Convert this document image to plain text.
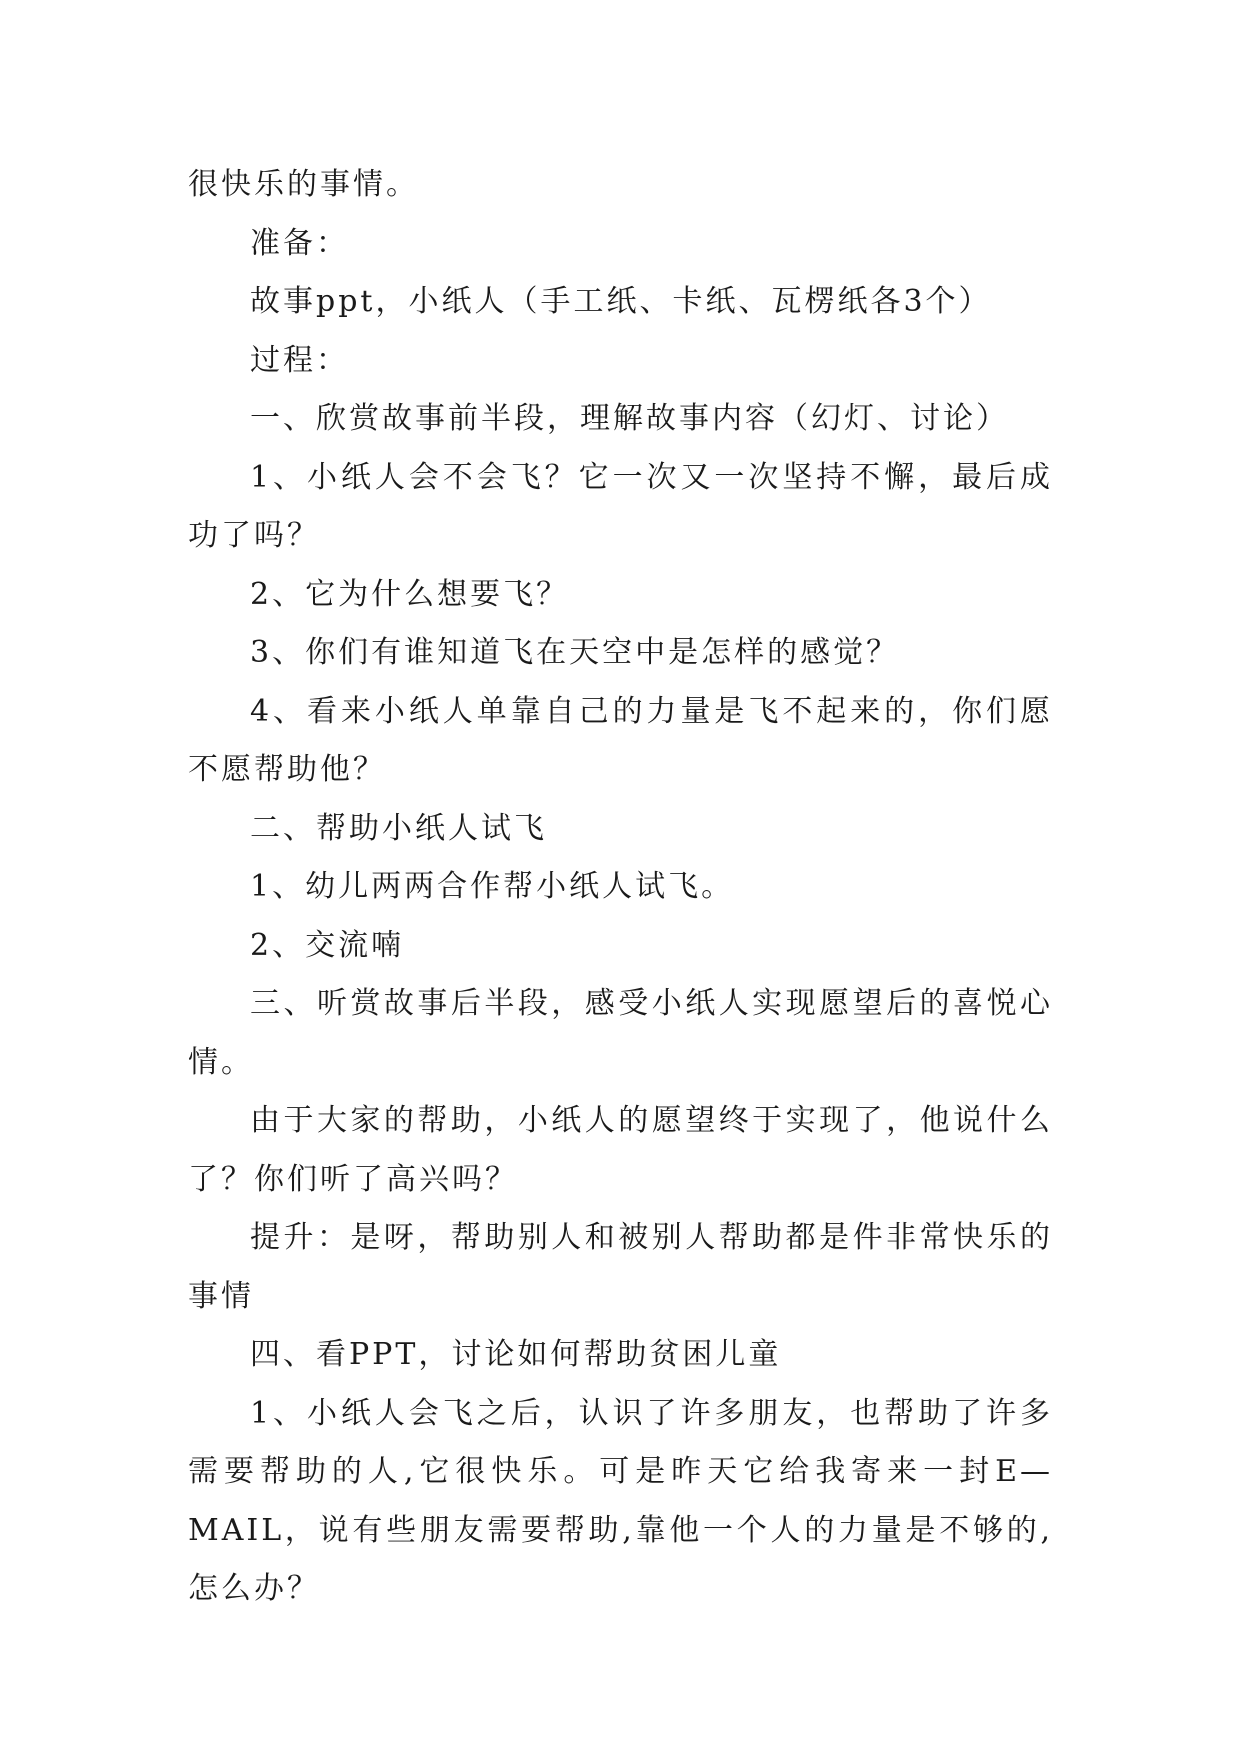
很快乐的事情。

准备：

故事ppt，小纸人（手工纸、卡纸、瓦楞纸各3个）

过程：

一、欣赏故事前半段，理解故事内容（幻灯、讨论）

1、小纸人会不会飞？它一次又一次坚持不懈，最后成功了吗？

2、它为什么想要飞？

3、你们有谁知道飞在天空中是怎样的感觉？

4、看来小纸人单靠自己的力量是飞不起来的，你们愿不愿帮助他？

二、帮助小纸人试飞

1、幼儿两两合作帮小纸人试飞。

2、交流喃

三、听赏故事后半段，感受小纸人实现愿望后的喜悦心情。

由于大家的帮助，小纸人的愿望终于实现了，他说什么了？你们听了高兴吗？

提升：是呀，帮助别人和被别人帮助都是件非常快乐的事情

四、看PPT，讨论如何帮助贫困儿童

1、小纸人会飞之后，认识了许多朋友，也帮助了许多需要帮助的人,它很快乐。可是昨天它给我寄来一封E—MAIL，说有些朋友需要帮助,靠他一个人的力量是不够的,怎么办？
